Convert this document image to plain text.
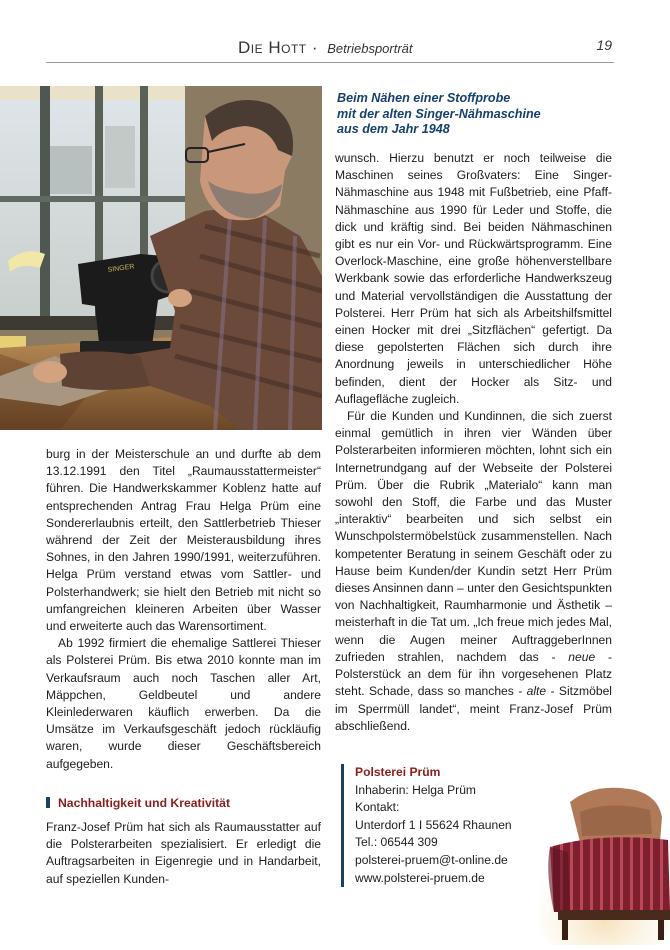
Die Hott · Betriebsporträt	19
SINGER
Beim Nähen einer Stoffprobe
mit der alten Singer-Nähmaschine
aus dem Jahr 1948

burg in der Meisterschule an und durfte ab dem 13.12.1991 den Titel „Raumausstattermeister“ führen. Die Handwerkskammer Koblenz hatte auf entsprechenden Antrag Frau Helga Prüm eine Sondererlaubnis erteilt, den Sattlerbetrieb Thieser während der Zeit der Meisterausbildung ihres Sohnes, in den Jahren 1990/1991, weiterzuführen. Helga Prüm verstand etwas vom Sattler- und Polsterhandwerk; sie hielt den Betrieb mit nicht so umfangreichen kleineren Arbeiten über Wasser und erweiterte auch das Warensortiment.

Ab 1992 firmiert die ehemalige Sattlerei Thieser als Polsterei Prüm. Bis etwa 2010 konnte man im Verkaufsraum auch noch Taschen aller Art, Mäppchen, Geldbeutel und andere Kleinlederwaren käuflich erwerben. Da die Umsätze im Verkaufsgeschäft jedoch rückläufig waren, wurde dieser Geschäftsbereich aufgegeben.

Nachhaltigkeit und Kreativität

Franz-Josef Prüm hat sich als Raumausstatter auf die Polsterarbeiten spezialisiert. Er erledigt die Auftragsarbeiten in Eigenregie und in Handarbeit, auf speziellen Kunden-

wunsch. Hierzu benutzt er noch teilweise die Maschinen seines Großvaters: Eine Singer-Nähmaschine aus 1948 mit Fußbetrieb, eine Pfaff-Nähmaschine aus 1990 für Leder und Stoffe, die dick und kräftig sind. Bei beiden Nähmaschinen gibt es nur ein Vor- und Rückwärtsprogramm. Eine Overlock-Maschine, eine große höhenverstellbare Werkbank sowie das erforderliche Handwerkszeug und Material vervollständigen die Ausstattung der Polsterei. Herr Prüm hat sich als Arbeitshilfsmittel einen Hocker mit drei „Sitzflächen“ gefertigt. Da diese gepolsterten Flächen sich durch ihre Anordnung jeweils in unterschiedlicher Höhe befinden, dient der Hocker als Sitz- und Auflagefläche zugleich.

Für die Kunden und Kundinnen, die sich zuerst einmal gemütlich in ihren vier Wänden über Polsterarbeiten informieren möchten, lohnt sich ein Internetrundgang auf der Webseite der Polsterei Prüm. Über die Rubrik „Materialo“ kann man sowohl den Stoff, die Farbe und das Muster „interaktiv“ bearbeiten und sich selbst ein Wunschpolstermöbelstück zusammenstellen. Nach kompetenter Beratung in seinem Geschäft oder zu Hause beim Kunden/der Kundin setzt Herr Prüm dieses Ansinnen dann – unter den Gesichtspunkten von Nachhaltigkeit, Raumharmonie und Ästhetik – meisterhaft in die Tat um. „Ich freue mich jedes Mal, wenn die Augen meiner AuftraggeberInnen zufrieden strahlen, nachdem das - neue - Polsterstück an dem für ihn vorgesehenen Platz steht. Schade, dass so manches - alte - Sitzmöbel im Sperrmüll landet“, meint Franz-Josef Prüm abschließend.

Polsterei Prüm
Inhaberin: Helga Prüm
Kontakt:
Unterdorf 1 I 55624 Rhaunen
Tel.: 06544 309
polsterei-pruem@t-online.de
www.polsterei-pruem.de
